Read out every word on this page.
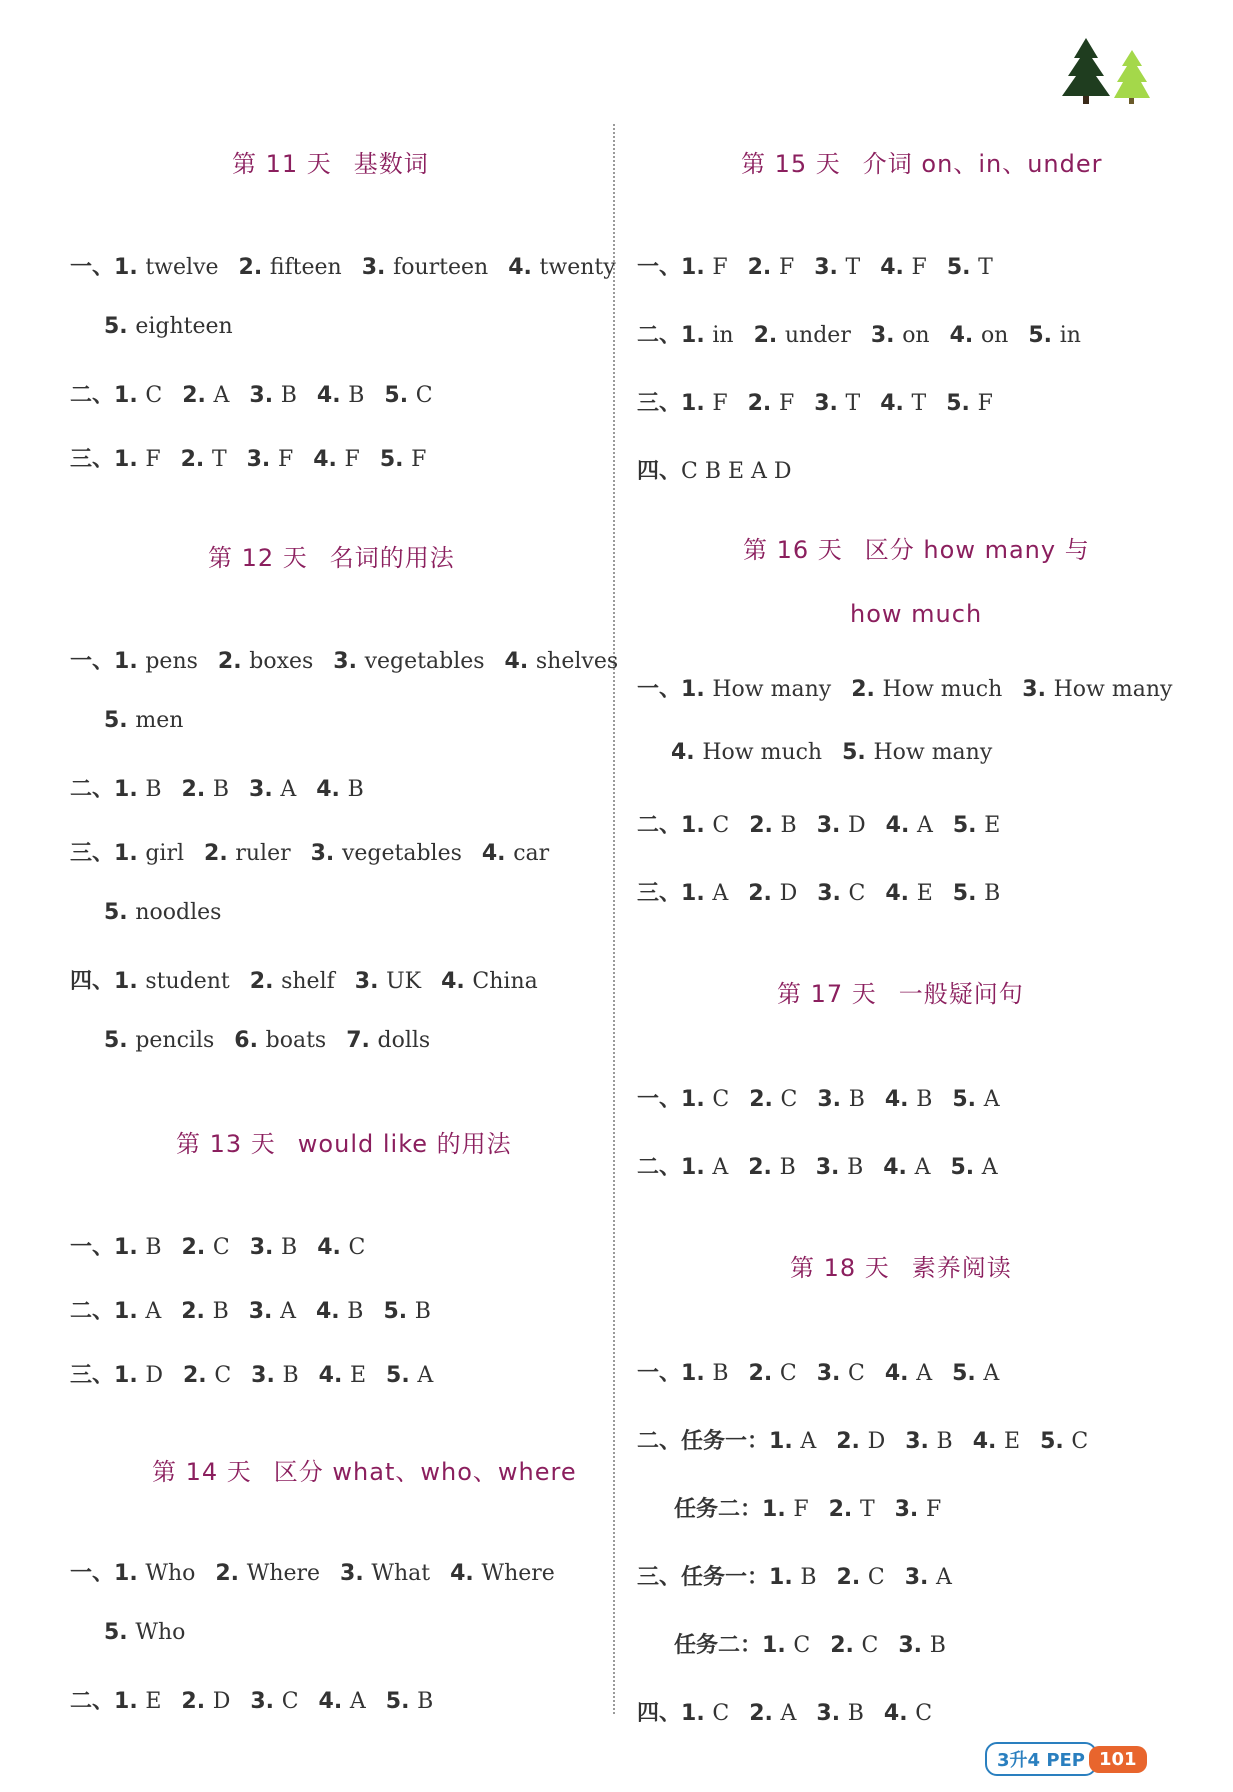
第 11 天 基数词
一、1. twelve 2. fifteen 3. fourteen 4. twenty
5. eighteen
二、1. C 2. A 3. B 4. B 5. C
三、1. F 2. T 3. F 4. F 5. F
第 12 天 名词的用法
一、1. pens 2. boxes 3. vegetables 4. shelves
5. men
二、1. B 2. B 3. A 4. B
三、1. girl 2. ruler 3. vegetables 4. car
5. noodles
四、1. student 2. shelf 3. UK 4. China
5. pencils 6. boats 7. dolls
第 13 天 would like 的用法
一、1. B 2. C 3. B 4. C
二、1. A 2. B 3. A 4. B 5. B
三、1. D 2. C 3. B 4. E 5. A
第 14 天 区分 what、who、where
一、1. Who 2. Where 3. What 4. Where
5. Who
二、1. E 2. D 3. C 4. A 5. B
第 15 天 介词 on、in、under
一、1. F 2. F 3. T 4. F 5. T
二、1. in 2. under 3. on 4. on 5. in
三、1. F 2. F 3. T 4. T 5. F
四、C B E A D
第 16 天 区分 how many 与
how much
一、1. How many 2. How much 3. How many
4. How much 5. How many
二、1. C 2. B 3. D 4. A 5. E
三、1. A 2. D 3. C 4. E 5. B
第 17 天 一般疑问句
一、1. C 2. C 3. B 4. B 5. A
二、1. A 2. B 3. B 4. A 5. A
第 18 天 素养阅读
一、1. B 2. C 3. C 4. A 5. A
二、任务一：1. A 2. D 3. B 4. E 5. C
任务二：1. F 2. T 3. F
三、任务一：1. B 2. C 3. A
任务二：1. C 2. C 3. B
四、1. C 2. A 3. B 4. C
3升4 PEP 101
